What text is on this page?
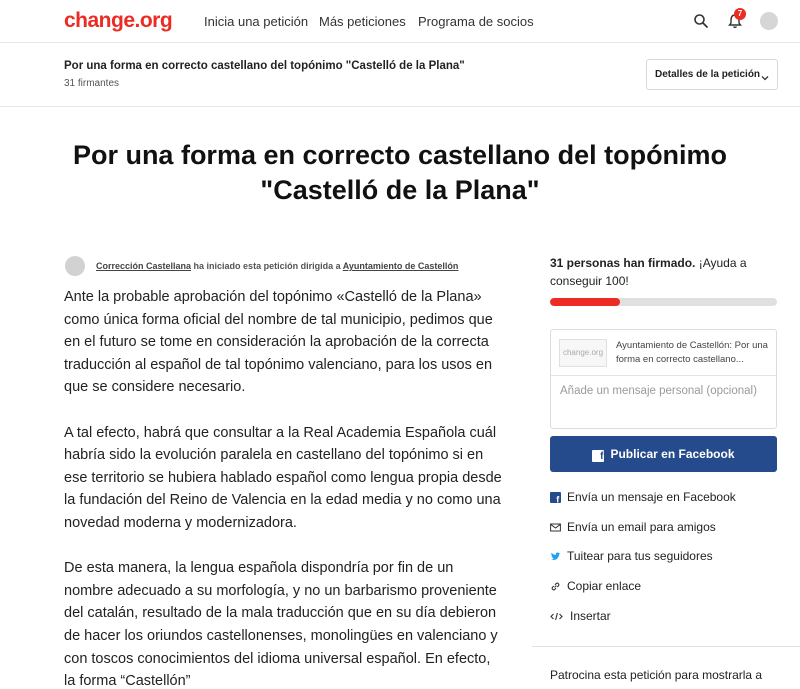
change.org Inicia una petición Más peticiones Programa de socios
7
Por una forma en correcto castellano del topónimo "Castelló de la Plana"
31 firmantes
Detalles de la petición
Por una forma en correcto castellano del topónimo "Castelló de la Plana"
Corrección Castellana ha iniciado esta petición dirigida a Ayuntamiento de Castellón

Ante la probable aprobación del topónimo «Castelló de la Plana» como única forma oficial del nombre de tal municipio, pedimos que en el futuro se tome en consideración la aprobación de la correcta traducción al español de tal topónimo valenciano, para los usos en que se considere necesario.

A tal efecto, habrá que consultar a la Real Academia Española cuál habría sido la evolución paralela en castellano del topónimo si en ese territorio se hubiera hablado español como lengua propia desde la fundación del Reino de Valencia en la edad media y no como una novedad moderna y modernizadora.

De esta manera, la lengua española dispondría por fin de un nombre adecuado a su morfología, y no un barbarismo proveniente del catalán, resultado de la mala traducción que en su día debieron de hacer los oriundos castellonenses, monolingües en valenciano y con toscos conocimientos del idioma universal español. En efecto, la forma “Castellón”

31 personas han firmado. ¡Ayuda a conseguir 100!
change.org
Ayuntamiento de Castellón: Por una forma en correcto castellano...
Añade un mensaje personal (opcional)
f Publicar en Facebook
f Envía un mensaje en Facebook
Envía un email para amigos
Tuitear para tus seguidores
Copiar enlace
Insertar
Patrocina esta petición para mostrarla a
